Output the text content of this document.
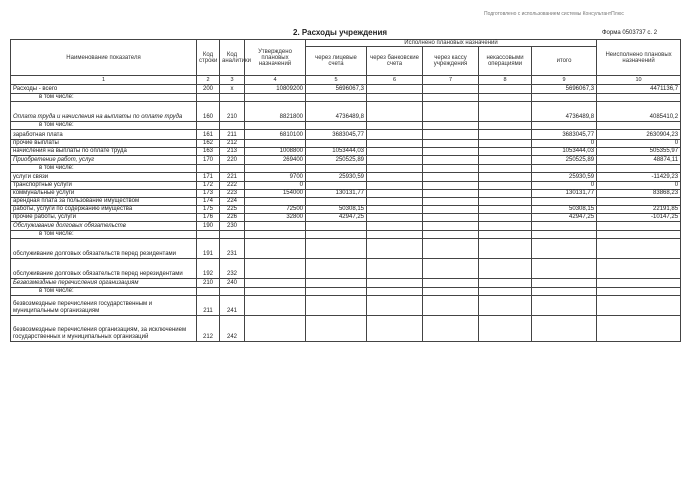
Подготовлено с использованием системы КонсультантПлюс
2. Расходы учреждения	Форма 0503737 с. 2
Наименование показателя	Код строки	Код аналитики	Утверждено плановых назначений	Исполнено плановых назначений					Неисполнено плановых назначений
				через лицевые счета	через банковские счета	через кассу учреждения	некассовыми операциями	итого	
1	2	3	4	5	6	7	8	9	10
Расходы - всего	200	x	10809200	5696067,3				5696067,3	4471136,7
в том числе:									
Оплата труда и начисления на выплаты по оплате труда	160	210	8821800	4736489,8				4736489,8	4085410,2
в том числе:									
заработная плата	161	211	6810100	3683045,77				3683045,77	2630904,23
прочие выплаты	162	212						0	0
начисления на выплаты по оплате труда	163	213	1008800	1053444,03				1053444,03	505355,97
Приобретение работ, услуг	170	220	269400	250525,89				250525,89	48874,11
в том числе:									
услуги связи	171	221	9700	25930,59				25930,59	-11429,23
транспортные услуги	172	222	0					0	0
коммунальные услуги	173	223	154000	130131,77				130131,77	83868,23
арендная плата за пользование имуществом	174	224							
работы, услуги по содержанию имущества	175	225	72500	50308,15				50308,15	22191,85
прочие работы, услуги	176	226	32800	42947,25				42947,25	-10147,25
Обслуживание долговых обязательств	190	230							
в том числе:									
обслуживание долговых обязательств перед резидентами	191	231							
обслуживание долговых обязательств перед нерезидентами	192	232							
Безвозмездные перечисления организациям	210	240							
в том числе:									
безвозмездные перечисления государственным и муниципальным организациям	211	241							
безвозмездные перечисления организациям, за исключением государственных и муниципальных организаций	212	242							
